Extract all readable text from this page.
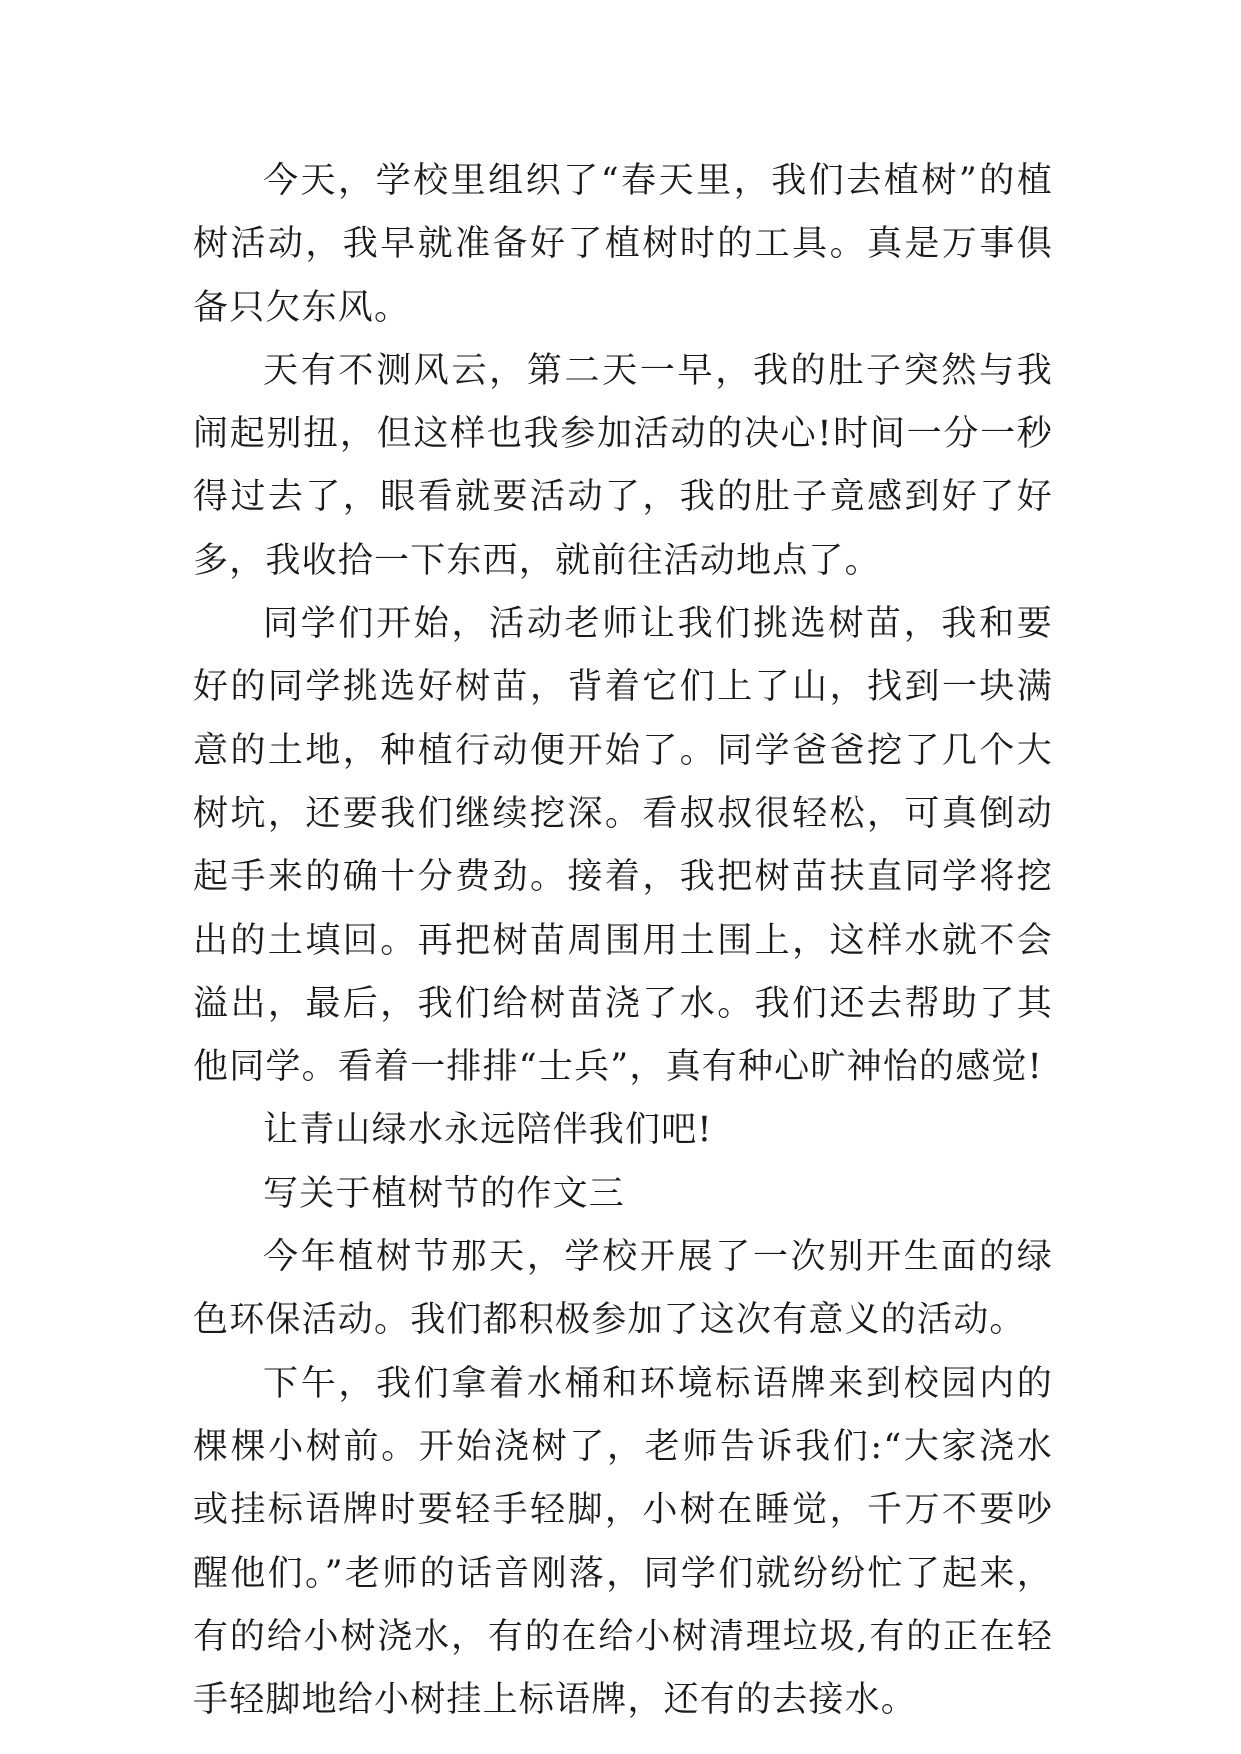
今天，学校里组织了“春天里，我们去植树”的植树活动，我早就准备好了植树时的工具。真是万事俱备只欠东风。

天有不测风云，第二天一早，我的肚子突然与我闹起别扭，但这样也我参加活动的决心!时间一分一秒得过去了，眼看就要活动了，我的肚子竟感到好了好多，我收拾一下东西，就前往活动地点了。

同学们开始，活动老师让我们挑选树苗，我和要好的同学挑选好树苗，背着它们上了山，找到一块满意的土地，种植行动便开始了。同学爸爸挖了几个大树坑，还要我们继续挖深。看叔叔很轻松，可真倒动起手来的确十分费劲。接着，我把树苗扶直同学将挖出的土填回。再把树苗周围用土围上，这样水就不会溢出，最后，我们给树苗浇了水。我们还去帮助了其他同学。看着一排排“士兵”，真有种心旷神怡的感觉!

让青山绿水永远陪伴我们吧!

写关于植树节的作文三

今年植树节那天，学校开展了一次别开生面的绿色环保活动。我们都积极参加了这次有意义的活动。

下午，我们拿着水桶和环境标语牌来到校园内的棵棵小树前。开始浇树了，老师告诉我们:“大家浇水或挂标语牌时要轻手轻脚，小树在睡觉，千万不要吵醒他们。”老师的话音刚落，同学们就纷纷忙了起来，有的给小树浇水，有的在给小树清理垃圾,有的正在轻手轻脚地给小树挂上标语牌，还有的去接水。
